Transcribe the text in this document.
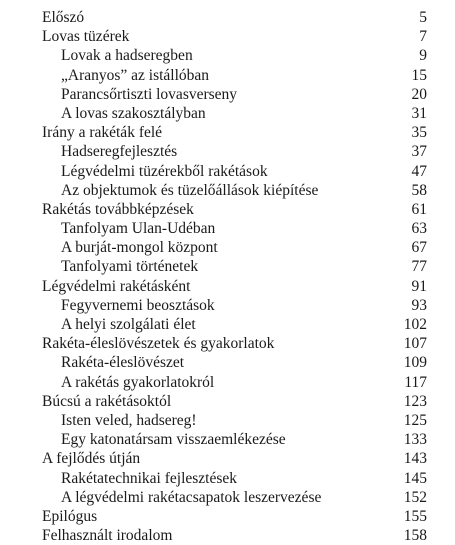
Előszó	5
Lovas tüzérek	7
Lovak a hadseregben	9
„Aranyos” az istállóban	15
Parancsőrtiszti lovasverseny	20
A lovas szakosztályban	31
Irány a rakéták felé	35
Hadseregfejlesztés	37
Légvédelmi tüzérekből rakétások	47
Az objektumok és tüzelőállások kiépítése	58
Rakétás továbbképzések	61
Tanfolyam Ulan-Udéban	63
A burját-mongol központ	67
Tanfolyami történetek	77
Légvédelmi rakétásként	91
Fegyvernemi beosztások	93
A helyi szolgálati élet	102
Rakéta-éleslövészetek és gyakorlatok	107
Rakéta-éleslövészet	109
A rakétás gyakorlatokról	117
Búcsú a rakétásoktól	123
Isten veled, hadsereg!	125
Egy katonatársam visszaemlékezése	133
A fejlődés útján	143
Rakétatechnikai fejlesztések	145
A légvédelmi rakétacsapatok leszervezése	152
Epilógus	155
Felhasznált irodalom	158
